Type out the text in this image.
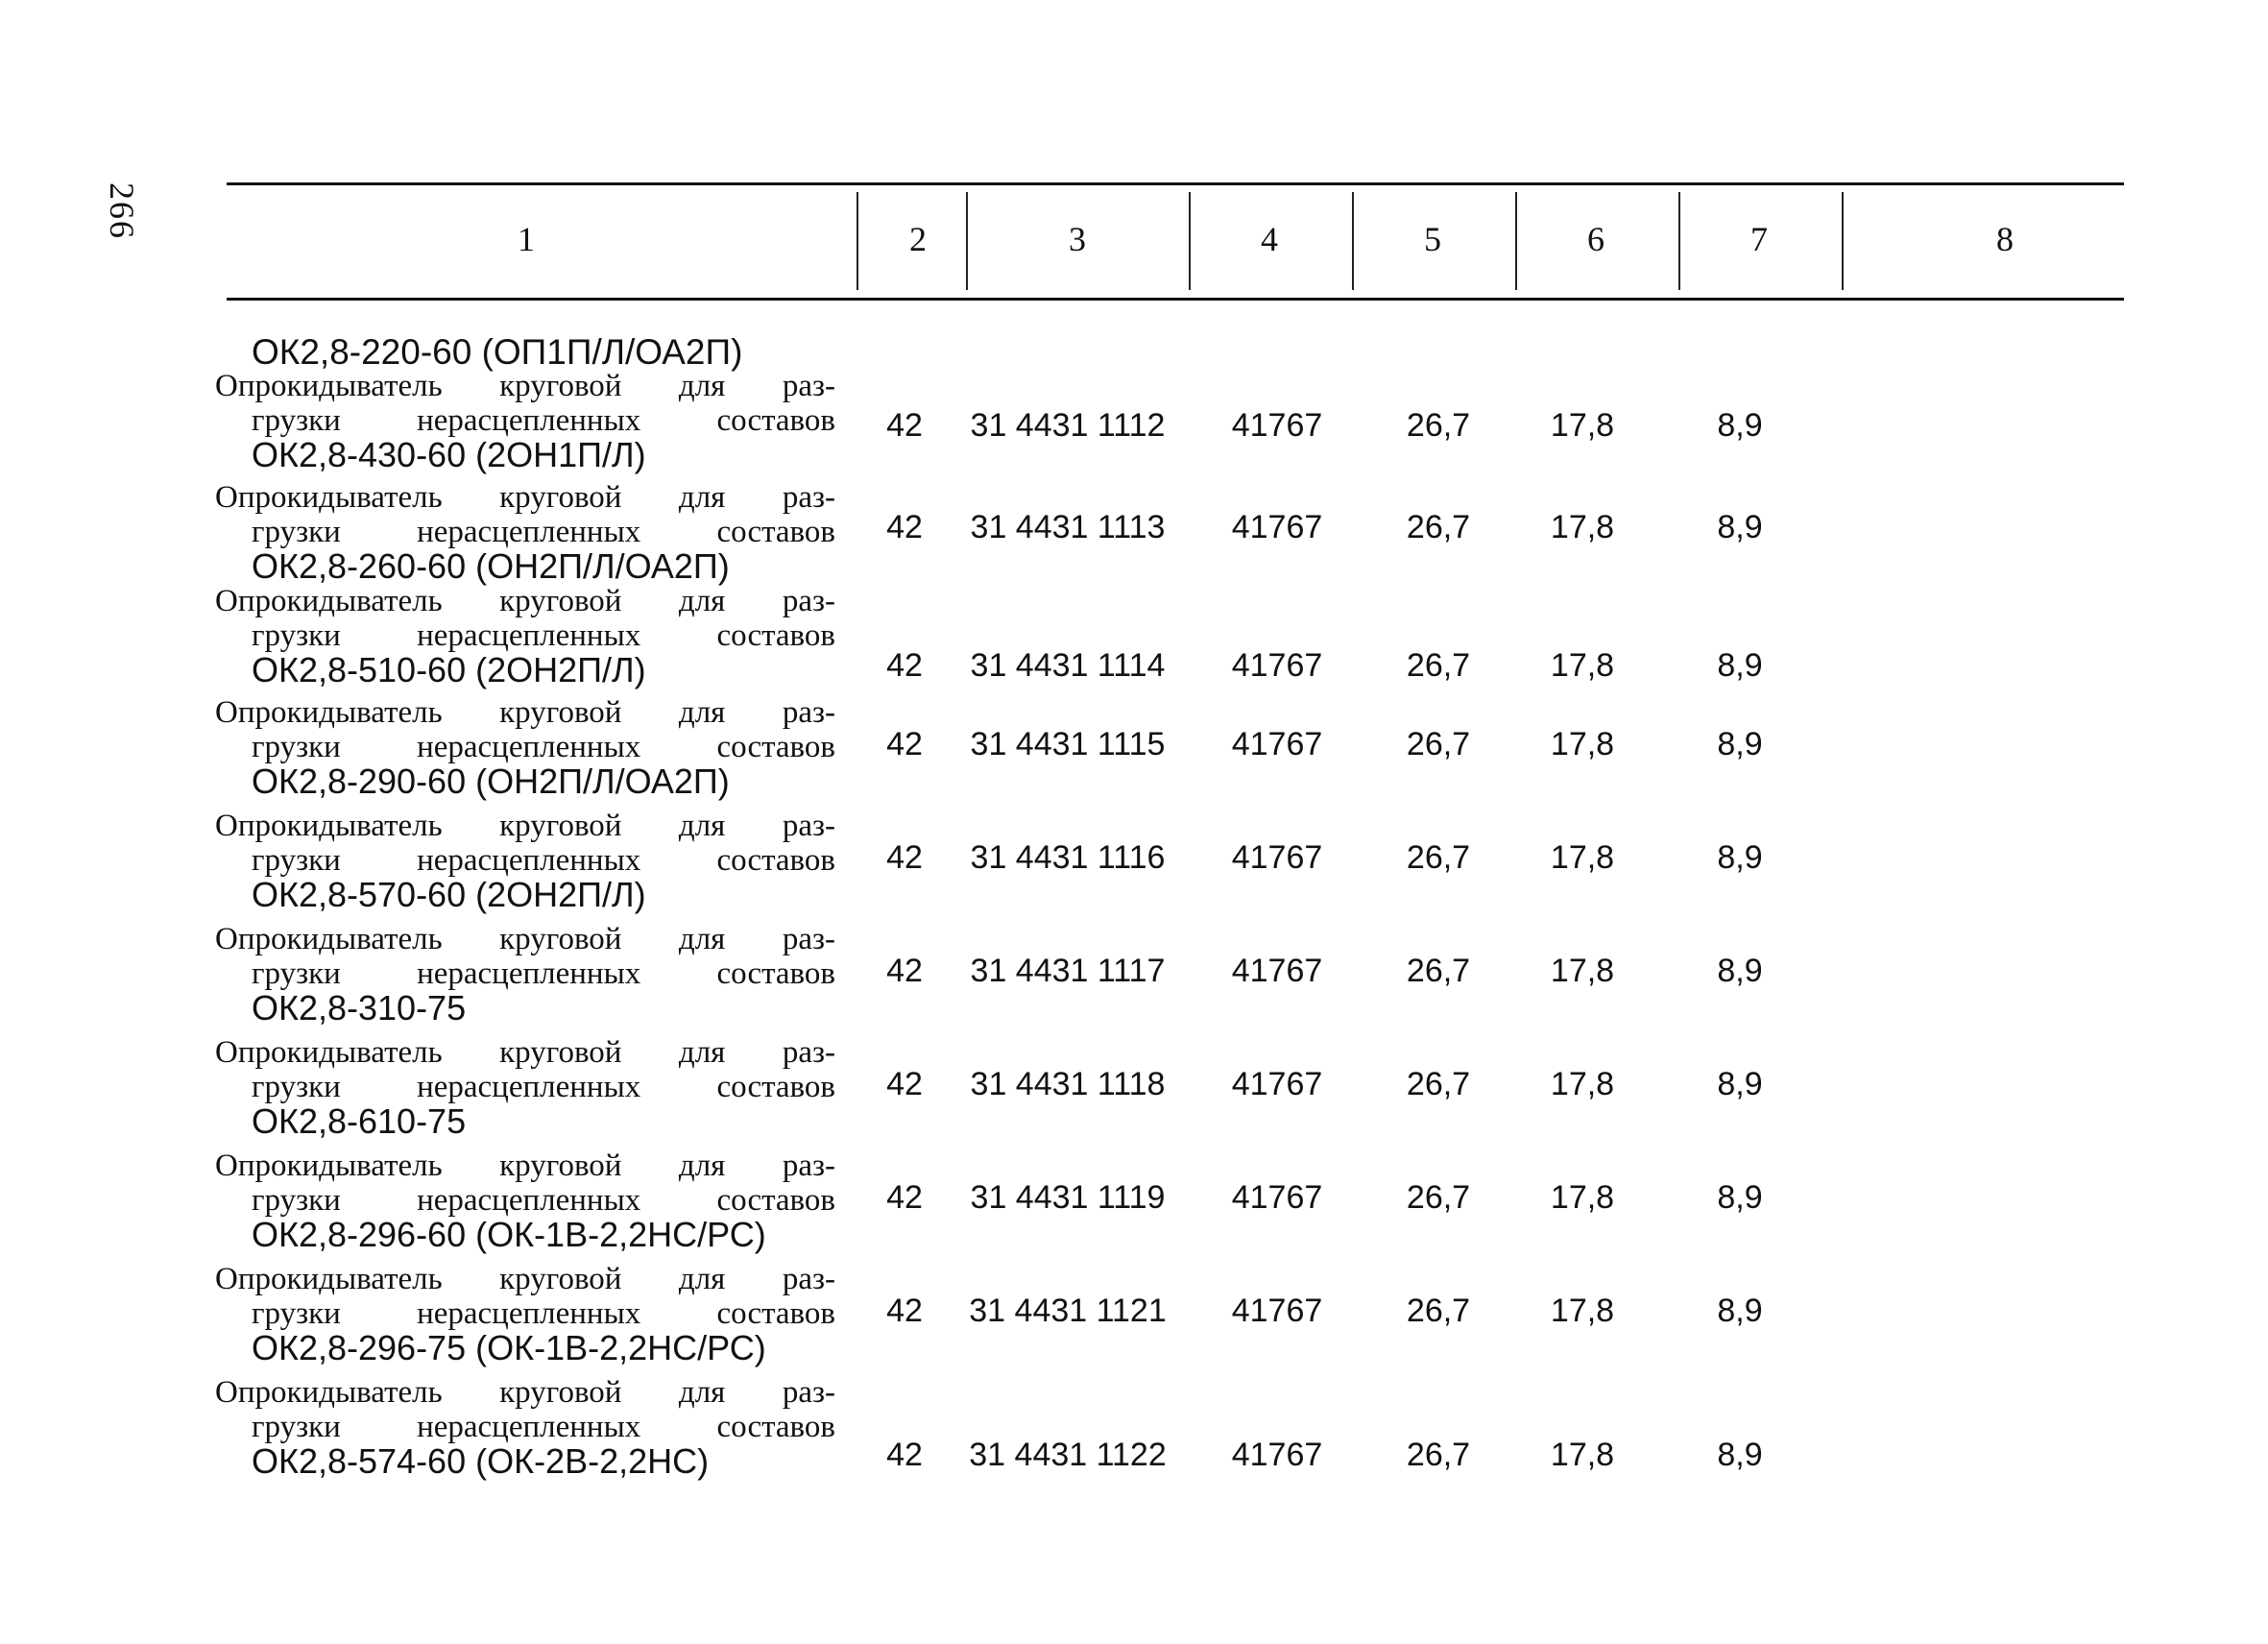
266	1	2	3	4	5	6	7	8
ОК2,8-220-60 (ОП1П/Л/ОА2П)
Опрокидыватель круговой для раз-
грузки нерасцепленных составов
ОК2,8-430-60 (2ОН1П/Л)
42	31 4431 1112	41767	26,7	17,8	8,9
Опрокидыватель круговой для раз-
грузки нерасцепленных составов
ОК2,8-260-60 (ОН2П/Л/ОА2П)
42	31 4431 1113	41767	26,7	17,8	8,9
Опрокидыватель круговой для раз-
грузки нерасцепленных составов
ОК2,8-510-60 (2ОН2П/Л)	42	31 4431 1114	41767	26,7	17,8	8,9
Опрокидыватель круговой для раз-
грузки нерасцепленных составов
ОК2,8-290-60 (ОН2П/Л/ОА2П)
42	31 4431 1115	41767	26,7	17,8	8,9
Опрокидыватель круговой для раз-
грузки нерасцепленных составов
ОК2,8-570-60 (2ОН2П/Л)
42	31 4431 1116	41767	26,7	17,8	8,9
Опрокидыватель круговой для раз-
грузки нерасцепленных составов
ОК2,8-310-75
42	31 4431 1117	41767	26,7	17,8	8,9
Опрокидыватель круговой для раз-
грузки нерасцепленных составов
ОК2,8-610-75
42	31 4431 1118	41767	26,7	17,8	8,9
Опрокидыватель круговой для раз-
грузки нерасцепленных составов
ОК2,8-296-60 (ОК-1В-2,2НС/РС)
42	31 4431 1119	41767	26,7	17,8	8,9
Опрокидыватель круговой для раз-
грузки нерасцепленных составов
ОК2,8-296-75 (ОК-1В-2,2НС/РС)
42	31 4431 1121	41767	26,7	17,8	8,9
Опрокидыватель круговой для раз-
грузки нерасцепленных составов
ОК2,8-574-60 (ОК-2В-2,2НС)	42	31 4431 1122	41767	26,7	17,8	8,9
